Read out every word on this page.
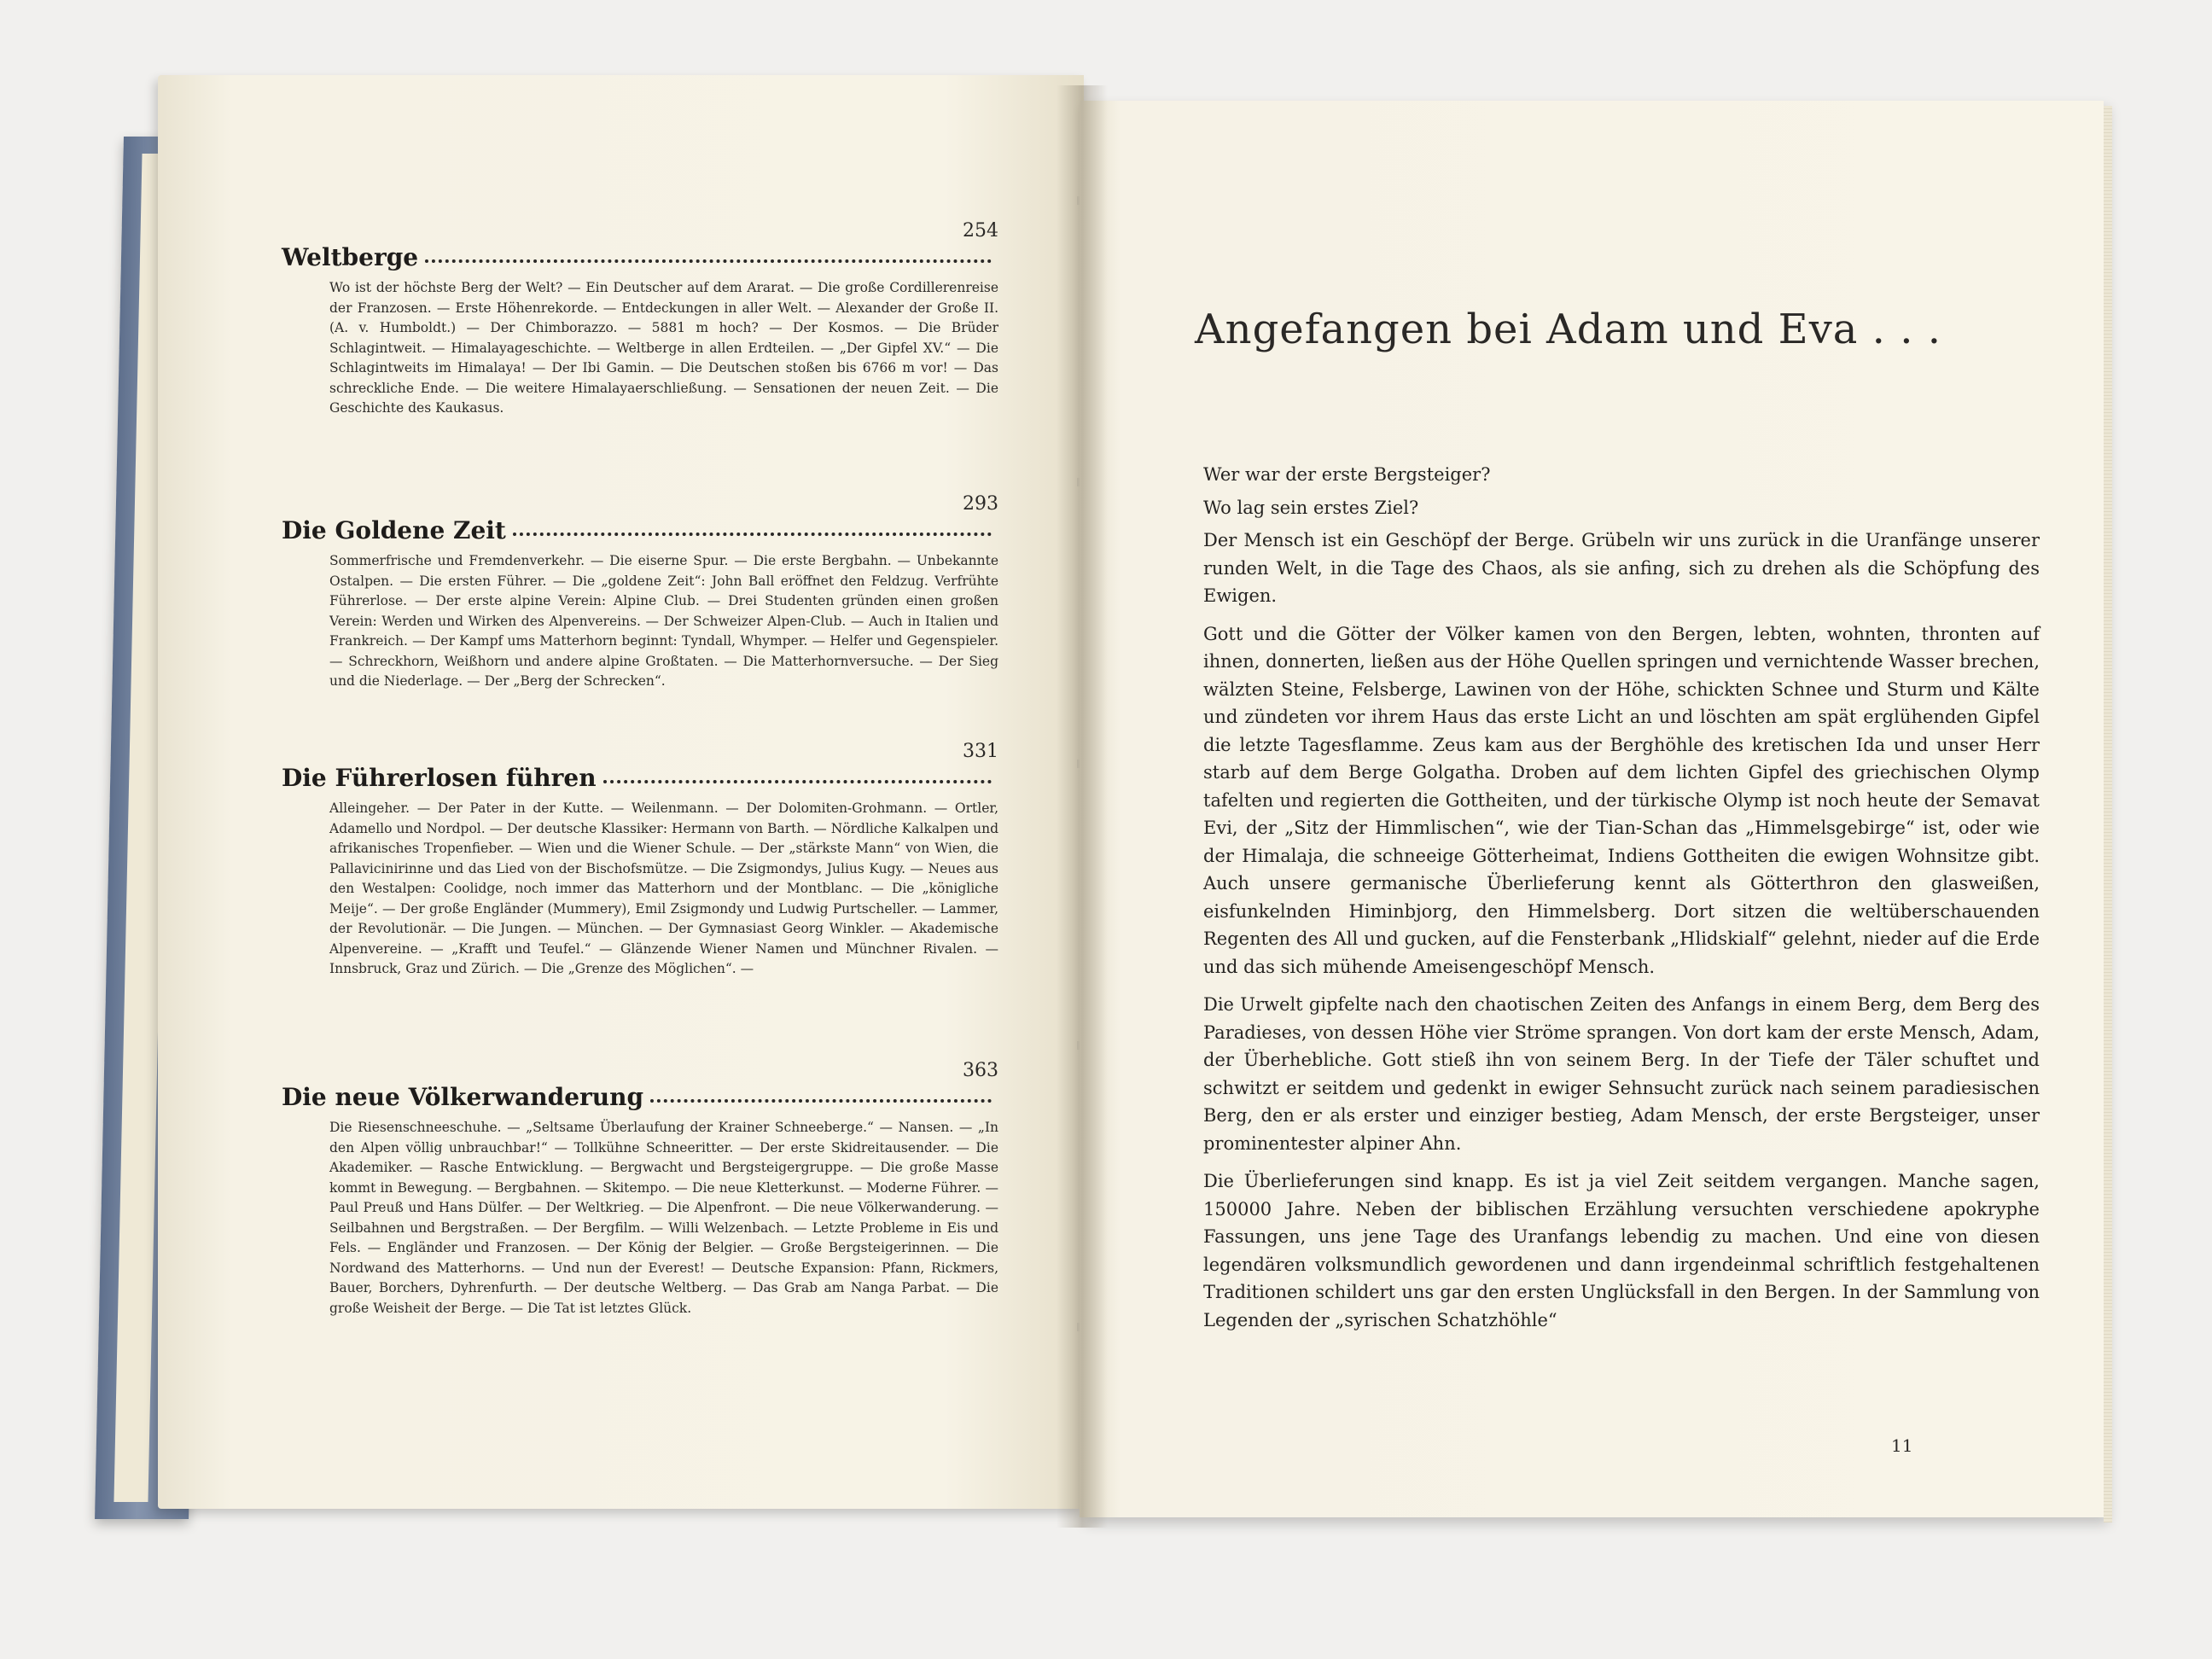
Weltberge
254
Wo ist der höchste Berg der Welt? — Ein Deutscher auf dem Ararat. — Die große Cordillerenreise der Franzosen. — Erste Höhenrekorde. — Entdeckungen in aller Welt. — Alexander der Große II. (A. v. Humboldt.) — Der Chimborazzo. — 5881 m hoch? — Der Kosmos. — Die Brüder Schlagintweit. — Himalayageschichte. — Weltberge in allen Erdteilen. — „Der Gipfel XV.“ — Die Schlagintweits im Himalaya! — Der Ibi Gamin. — Die Deutschen stoßen bis 6766 m vor! — Das schreckliche Ende. — Die weitere Himalayaerschließung. — Sensationen der neuen Zeit. — Die Geschichte des Kaukasus.
Die Goldene Zeit
293
Sommerfrische und Fremdenverkehr. — Die eiserne Spur. — Die erste Bergbahn. — Unbekannte Ostalpen. — Die ersten Führer. — Die „goldene Zeit“: John Ball eröffnet den Feldzug. Verfrühte Führerlose. — Der erste alpine Verein: Alpine Club. — Drei Studenten gründen einen großen Verein: Werden und Wirken des Alpenvereins. — Der Schweizer Alpen-Club. — Auch in Italien und Frankreich. — Der Kampf ums Matterhorn beginnt: Tyndall, Whymper. — Helfer und Gegenspieler. — Schreckhorn, Weißhorn und andere alpine Großtaten. — Die Matterhornversuche. — Der Sieg und die Niederlage. — Der „Berg der Schrecken“.
Die Führerlosen führen
331
Alleingeher. — Der Pater in der Kutte. — Weilenmann. — Der Dolomiten-Grohmann. — Ortler, Adamello und Nordpol. — Der deutsche Klassiker: Hermann von Barth. — Nördliche Kalkalpen und afrikanisches Tropenfieber. — Wien und die Wiener Schule. — Der „stärkste Mann“ von Wien, die Pallavicinirinne und das Lied von der Bischofsmütze. — Die Zsigmondys, Julius Kugy. — Neues aus den Westalpen: Coolidge, noch immer das Matterhorn und der Montblanc. — Die „königliche Meije“. — Der große Engländer (Mummery), Emil Zsigmondy und Ludwig Purtscheller. — Lammer, der Revolutionär. — Die Jungen. — München. — Der Gymnasiast Georg Winkler. — Akademische Alpenvereine. — „Krafft und Teufel.“ — Glänzende Wiener Namen und Münchner Rivalen. — Innsbruck, Graz und Zürich. — Die „Grenze des Möglichen“. —
Die neue Völkerwanderung
363
Die Riesenschneeschuhe. — „Seltsame Überlaufung der Krainer Schneeberge.“ — Nansen. — „In den Alpen völlig unbrauchbar!“ — Tollkühne Schneeritter. — Der erste Skidreitausender. — Die Akademiker. — Rasche Entwicklung. — Bergwacht und Bergsteigergruppe. — Die große Masse kommt in Bewegung. — Bergbahnen. — Skitempo. — Die neue Kletterkunst. — Moderne Führer. — Paul Preuß und Hans Dülfer. — Der Weltkrieg. — Die Alpenfront. — Die neue Völkerwanderung. — Seilbahnen und Bergstraßen. — Der Bergfilm. — Willi Welzenbach. — Letzte Probleme in Eis und Fels. — Engländer und Franzosen. — Der König der Belgier. — Große Bergsteigerinnen. — Die Nordwand des Matterhorns. — Und nun der Everest! — Deutsche Expansion: Pfann, Rickmers, Bauer, Borchers, Dyhrenfurth. — Der deutsche Weltberg. — Das Grab am Nanga Parbat. — Die große Weisheit der Berge. — Die Tat ist letztes Glück.
Angefangen bei Adam und Eva . . .

Wer war der erste Bergsteiger?

Wo lag sein erstes Ziel?

Der Mensch ist ein Geschöpf der Berge. Grübeln wir uns zurück in die Uranfänge unserer runden Welt, in die Tage des Chaos, als sie anfing, sich zu drehen als die Schöpfung des Ewigen.

Gott und die Götter der Völker kamen von den Bergen, lebten, wohnten, thronten auf ihnen, donnerten, ließen aus der Höhe Quellen springen und vernichtende Wasser brechen, wälzten Steine, Felsberge, Lawinen von der Höhe, schickten Schnee und Sturm und Kälte und zündeten vor ihrem Haus das erste Licht an und löschten am spät erglühenden Gipfel die letzte Tagesflamme. Zeus kam aus der Berghöhle des kretischen Ida und unser Herr starb auf dem Berge Golgatha. Droben auf dem lichten Gipfel des griechischen Olymp tafelten und regierten die Gottheiten, und der türkische Olymp ist noch heute der Semavat Evi, der „Sitz der Himmlischen“, wie der Tian-Schan das „Himmelsgebirge“ ist, oder wie der Himalaja, die schneeige Götterheimat, Indiens Gottheiten die ewigen Wohnsitze gibt. Auch unsere germanische Überlieferung kennt als Götterthron den glasweißen, eisfunkelnden Himinbjorg, den Himmelsberg. Dort sitzen die weltüberschauenden Regenten des All und gucken, auf die Fensterbank „Hlidskialf“ gelehnt, nieder auf die Erde und das sich mühende Ameisengeschöpf Mensch.

Die Urwelt gipfelte nach den chaotischen Zeiten des Anfangs in einem Berg, dem Berg des Paradieses, von dessen Höhe vier Ströme sprangen. Von dort kam der erste Mensch, Adam, der Überhebliche. Gott stieß ihn von seinem Berg. In der Tiefe der Täler schuftet und schwitzt er seitdem und gedenkt in ewiger Sehnsucht zurück nach seinem paradiesischen Berg, den er als erster und einziger bestieg, Adam Mensch, der erste Bergsteiger, unser prominentester alpiner Ahn.

Die Überlieferungen sind knapp. Es ist ja viel Zeit seitdem vergangen. Manche sagen, 150000 Jahre. Neben der biblischen Erzählung versuchten verschiedene apokryphe Fassungen, uns jene Tage des Uranfangs lebendig zu machen. Und eine von diesen legendären volksmundlich gewordenen und dann irgendeinmal schriftlich festgehaltenen Traditionen schildert uns gar den ersten Unglücksfall in den Bergen. In der Sammlung von Legenden der „syrischen Schatzhöhle“

11
